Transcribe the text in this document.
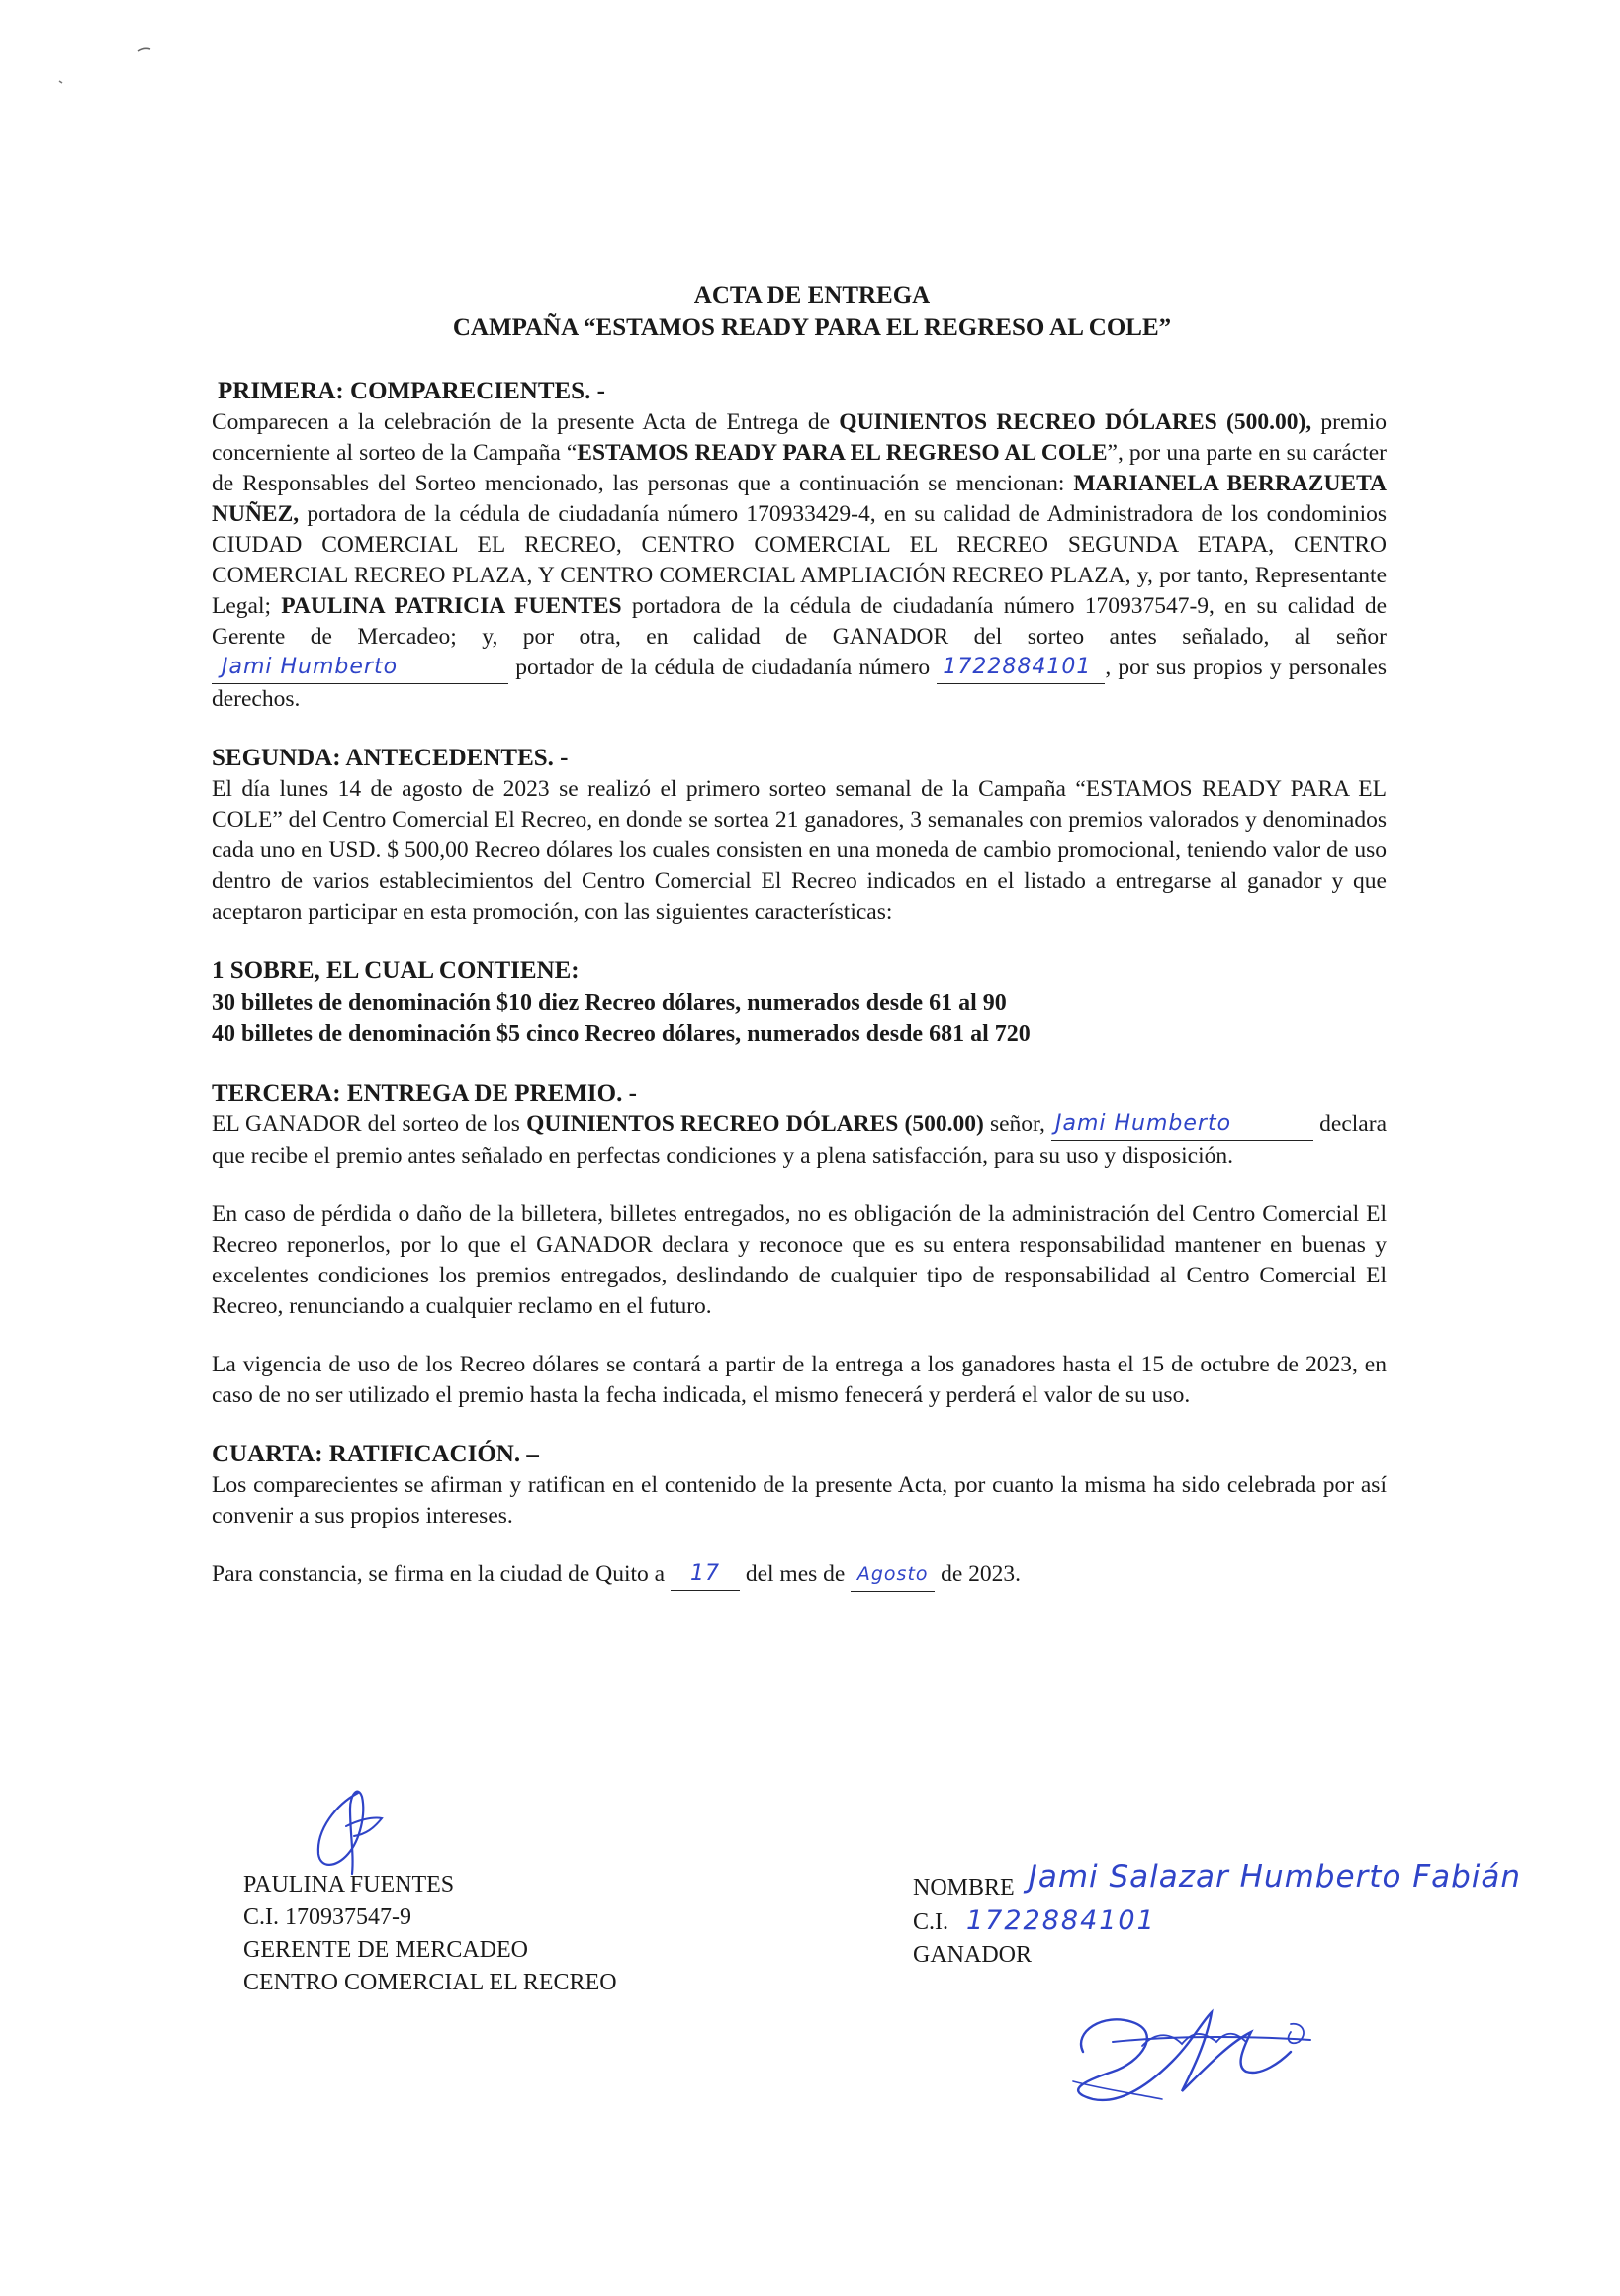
ACTA DE ENTREGA
CAMPAÑA “ESTAMOS READY PARA EL REGRESO AL COLE”
PRIMERA: COMPARECIENTES. -

Comparecen a la celebración de la presente Acta de Entrega de QUINIENTOS RECREO DÓLARES (500.00), premio concerniente al sorteo de la Campaña “ESTAMOS READY PARA EL REGRESO AL COLE”, por una parte en su carácter de Responsables del Sorteo mencionado, las personas que a continuación se mencionan: MARIANELA BERRAZUETA NUÑEZ, portadora de la cédula de ciudadanía número 170933429-4, en su calidad de Administradora de los condominios CIUDAD COMERCIAL EL RECREO, CENTRO COMERCIAL EL RECREO SEGUNDA ETAPA, CENTRO COMERCIAL RECREO PLAZA, Y CENTRO COMERCIAL AMPLIACIÓN RECREO PLAZA, y, por tanto, Representante Legal; PAULINA PATRICIA FUENTES portadora de la cédula de ciudadanía número 170937547-9, en su calidad de Gerente de Mercadeo; y, por otra, en calidad de GANADOR del sorteo antes señalado, al señor Jami Humberto	portador de la cédula de ciudadanía número 1722884101 , por sus propios y personales derechos.

SEGUNDA: ANTECEDENTES. -

El día lunes 14 de agosto de 2023 se realizó el primero sorteo semanal de la Campaña “ESTAMOS READY PARA EL COLE” del Centro Comercial El Recreo, en donde se sortea 21 ganadores, 3 semanales con premios valorados y denominados cada uno en USD. $ 500,00 Recreo dólares los cuales consisten en una moneda de cambio promocional, teniendo valor de uso dentro de varios establecimientos del Centro Comercial El Recreo indicados en el listado a entregarse al ganador y que aceptaron participar en esta promoción, con las siguientes características:

1 SOBRE, EL CUAL CONTIENE:
30 billetes de denominación $10 diez Recreo dólares, numerados desde 61 al 90
40 billetes de denominación $5 cinco Recreo dólares, numerados desde 681 al 720
TERCERA: ENTREGA DE PREMIO. -

EL GANADOR del sorteo de los QUINIENTOS RECREO DÓLARES (500.00) señor, Jami Humberto	declara que recibe el premio antes señalado en perfectas condiciones y a plena satisfacción, para su uso y disposición.

En caso de pérdida o daño de la billetera, billetes entregados, no es obligación de la administración del Centro Comercial El Recreo reponerlos, por lo que el GANADOR declara y reconoce que es su entera responsabilidad mantener en buenas y excelentes condiciones los premios entregados, deslindando de cualquier tipo de responsabilidad al Centro Comercial El Recreo, renunciando a cualquier reclamo en el futuro.

La vigencia de uso de los Recreo dólares se contará a partir de la entrega a los ganadores hasta el 15 de octubre de 2023, en caso de no ser utilizado el premio hasta la fecha indicada, el mismo fenecerá y perderá el valor de su uso.

CUARTA: RATIFICACIÓN. –

Los comparecientes se afirman y ratifican en el contenido de la presente Acta, por cuanto la misma ha sido celebrada por así convenir a sus propios intereses.

Para constancia, se firma en la ciudad de Quito a 17 del mes de Agosto de 2023.

PAULINA FUENTES
C.I. 170937547-9
GERENTE DE MERCADEO
CENTRO COMERCIAL EL RECREO
NOMBRE Jami Salazar Humberto Fabián
C.I. 1722884101
GANADOR
